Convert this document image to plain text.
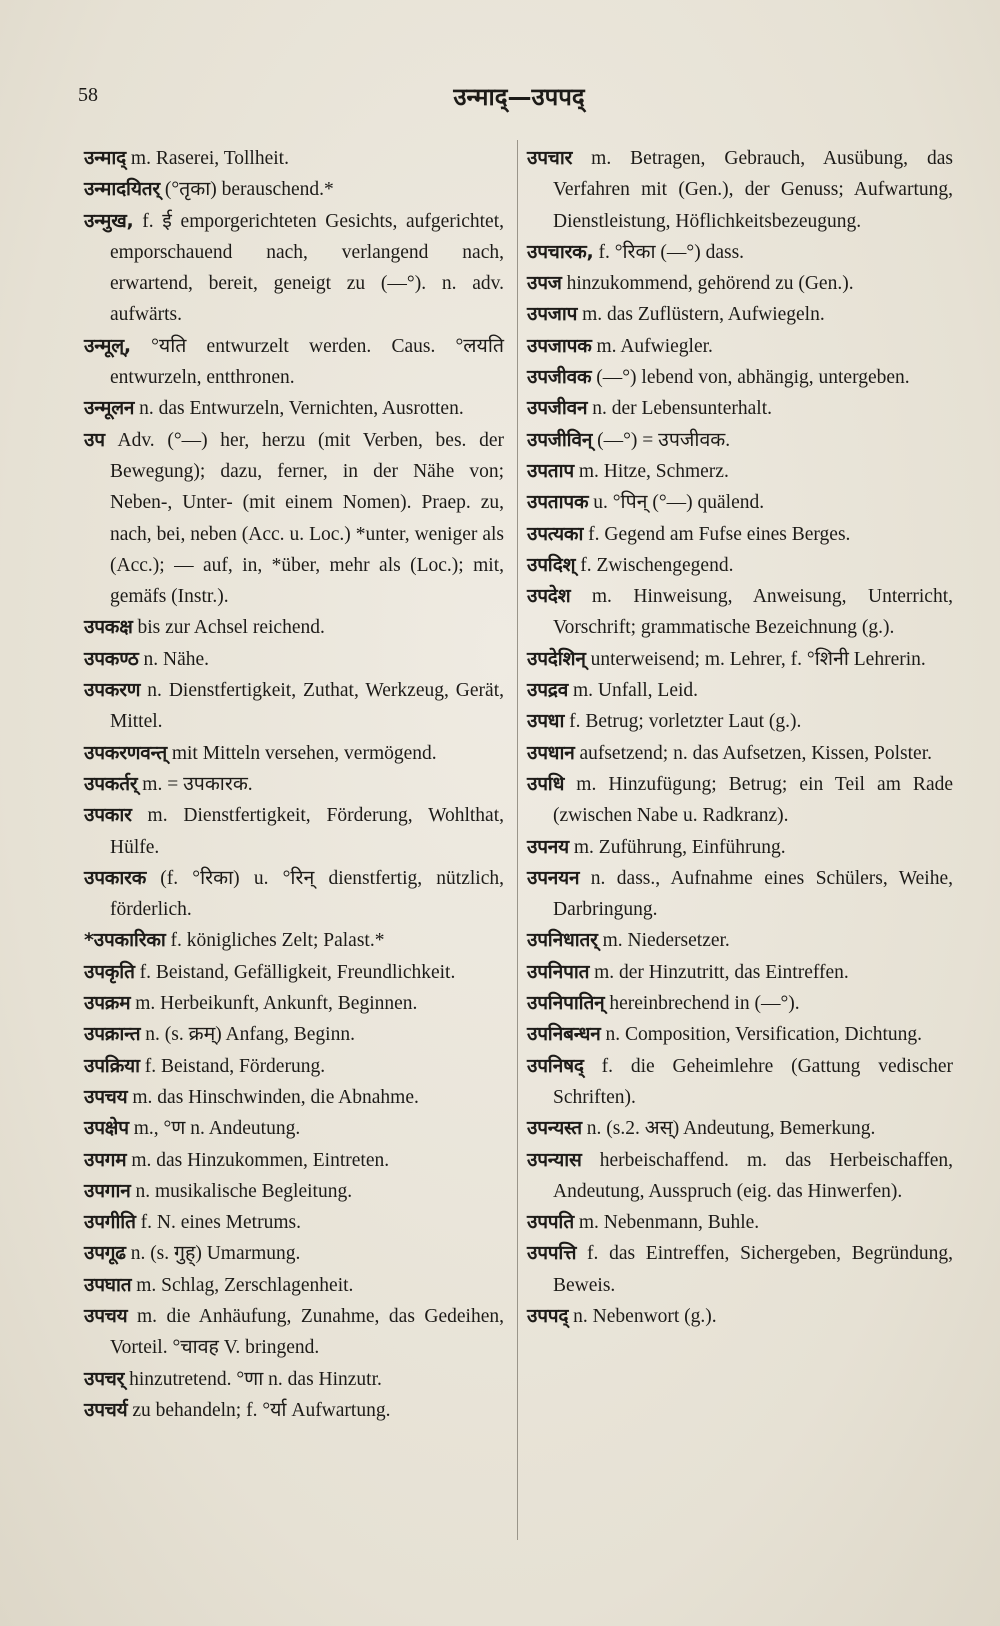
58	उन्माद्—उपपद्

उन्माद् m. Raserei, Tollheit.

उन्मादयितर् (°तृका) berauschend.*

उन्मुख, f. ई emporgerichteten Gesichts, aufgerichtet, emporschauend nach, verlangend nach, erwartend, bereit, geneigt zu (—°). n. adv. aufwärts.

उन्मूल्, °यति entwurzelt werden. Caus. °लयति entwurzeln, entthronen.

उन्मूलन n. das Entwurzeln, Vernichten, Ausrotten.

उप Adv. (°—) her, herzu (mit Verben, bes. der Bewegung); dazu, ferner, in der Nähe von; Neben-, Unter- (mit einem Nomen). Praep. zu, nach, bei, neben (Acc. u. Loc.) *unter, weniger als (Acc.); — auf, in, *über, mehr als (Loc.); mit, gemäfs (Instr.).

उपकक्ष bis zur Achsel reichend.

उपकण्ठ n. Nähe.

उपकरण n. Dienstfertigkeit, Zuthat, Werkzeug, Gerät, Mittel.

उपकरणवन्त् mit Mitteln versehen, vermögend.

उपकर्तर् m. = उपकारक.

उपकार m. Dienstfertigkeit, Förderung, Wohlthat, Hülfe.

उपकारक (f. °रिका) u. °रिन् dienstfertig, nützlich, förderlich.

*उपकारिका f. königliches Zelt; Palast.*

उपकृति f. Beistand, Gefälligkeit, Freundlichkeit.

उपक्रम m. Herbeikunft, Ankunft, Beginnen.

उपक्रान्त n. (s. क्रम्) Anfang, Beginn.

उपक्रिया f. Beistand, Förderung.

उपचय m. das Hinschwinden, die Abnahme.

उपक्षेप m., °ण n. Andeutung.

उपगम m. das Hinzukommen, Eintreten.

उपगान n. musikalische Begleitung.

उपगीति f. N. eines Metrums.

उपगूढ n. (s. गुह्) Umarmung.

उपघात m. Schlag, Zerschlagenheit.

उपचय m. die Anhäufung, Zunahme, das Gedeihen, Vorteil. °चावह V. bringend.

उपचर् hinzutretend. °णा n. das Hinzutr.

उपचर्य zu behandeln; f. °र्या Aufwartung.

उपचार m. Betragen, Gebrauch, Ausübung, das Verfahren mit (Gen.), der Genuss; Aufwartung, Dienstleistung, Höflichkeitsbezeugung.

उपचारक, f. °रिका (—°) dass.

उपज hinzukommend, gehörend zu (Gen.).

उपजाप m. das Zuflüstern, Aufwiegeln.

उपजापक m. Aufwiegler.

उपजीवक (—°) lebend von, abhängig, untergeben.

उपजीवन n. der Lebensunterhalt.

उपजीविन् (—°) = उपजीवक.

उपताप m. Hitze, Schmerz.

उपतापक u. °पिन् (°—) quälend.

उपत्यका f. Gegend am Fufse eines Berges.

उपदिश् f. Zwischengegend.

उपदेश m. Hinweisung, Anweisung, Unterricht, Vorschrift; grammatische Bezeichnung (g.).

उपदेशिन् unterweisend; m. Lehrer, f. °शिनी Lehrerin.

उपद्रव m. Unfall, Leid.

उपधा f. Betrug; vorletzter Laut (g.).

उपधान aufsetzend; n. das Aufsetzen, Kissen, Polster.

उपधि m. Hinzufügung; Betrug; ein Teil am Rade (zwischen Nabe u. Radkranz).

उपनय m. Zuführung, Einführung.

उपनयन n. dass., Aufnahme eines Schülers, Weihe, Darbringung.

उपनिधातर् m. Niedersetzer.

उपनिपात m. der Hinzutritt, das Eintreffen.

उपनिपातिन् hereinbrechend in (—°).

उपनिबन्धन n. Composition, Versification, Dichtung.

उपनिषद् f. die Geheimlehre (Gattung vedischer Schriften).

उपन्यस्त n. (s.2. अस्) Andeutung, Bemerkung.

उपन्यास herbeischaffend. m. das Herbeischaffen, Andeutung, Ausspruch (eig. das Hinwerfen).

उपपति m. Nebenmann, Buhle.

उपपत्ति f. das Eintreffen, Sichergeben, Begründung, Beweis.

उपपद् n. Nebenwort (g.).
